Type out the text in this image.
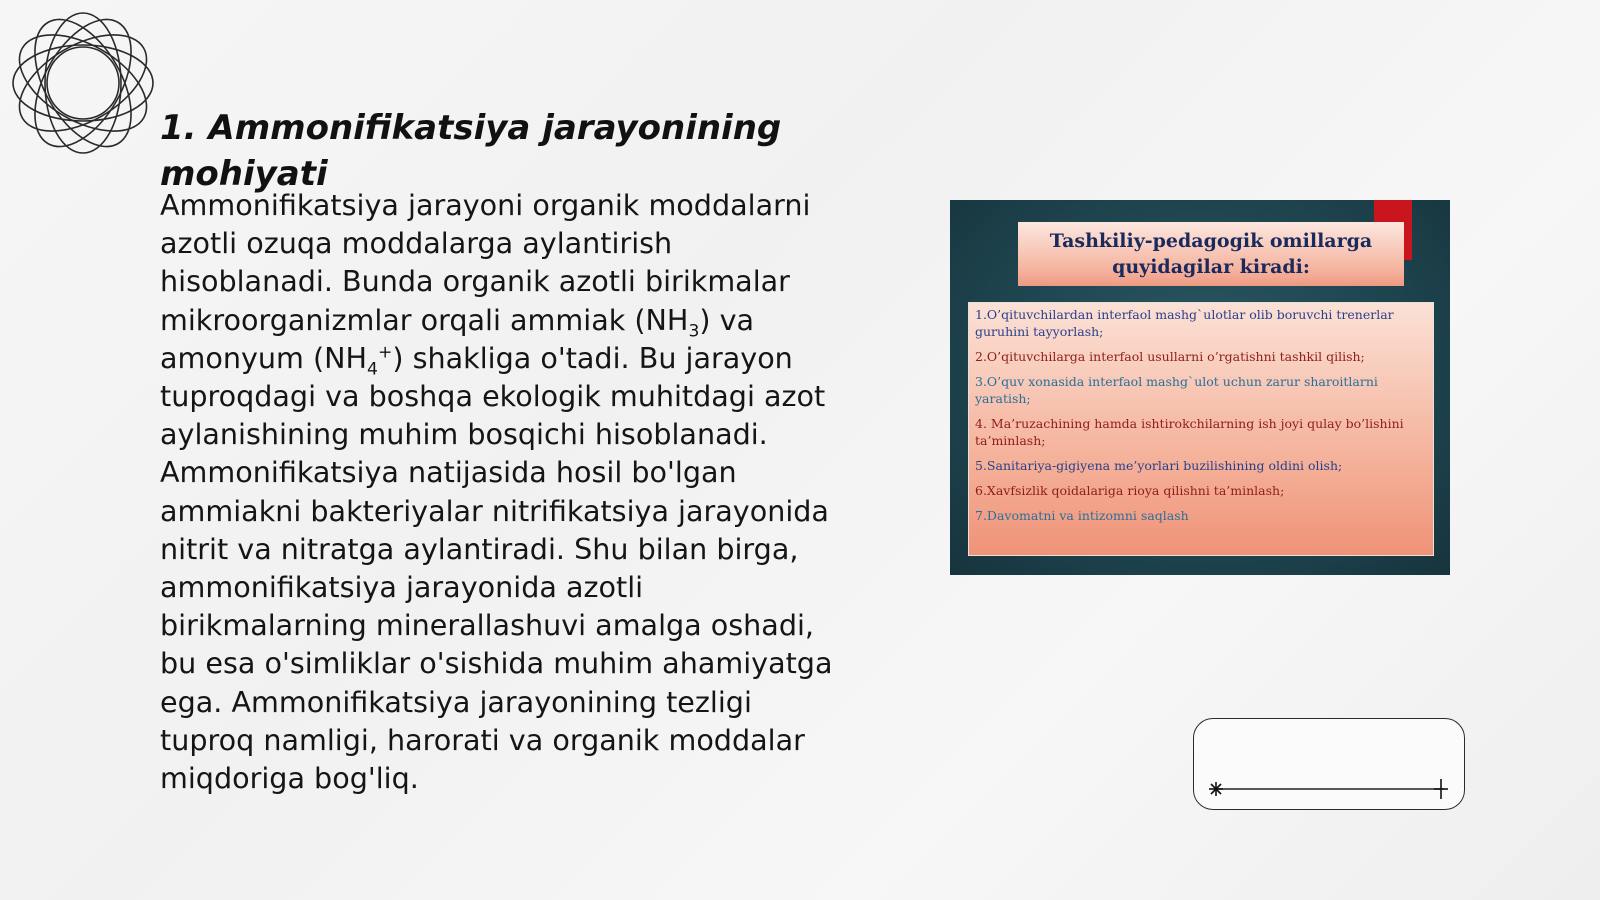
1. Ammonifikatsiya jarayonining mohiyati

Ammonifikatsiya jarayoni organik moddalarni azotli ozuqa moddalarga aylantirish hisoblanadi. Bunda organik azotli birikmalar mikroorganizmlar orqali ammiak $(NH_3)$ va amonyum $(NH_4^+)$ shakliga o'tadi. Bu jarayon tuproqdagi va boshqa ekologik muhitdagi azot aylanishining muhim bosqichi hisoblanadi. Ammonifikatsiya natijasida hosil bo'lgan ammiakni bakteriyalar nitrifikatsiya jarayonida nitrit va nitratga aylantiradi. Shu bilan birga, ammonifikatsiya jarayonida azotli birikmalarning minerallashuvi amalga oshadi, bu esa o'simliklar o'sishida muhim ahamiyatga ega. Ammonifikatsiya jarayonining tezligi tuproq namligi, harorati va organik moddalar miqdoriga bog'liq.

Tashkiliy-pedagogik omillarga quyidagilar kiradi:
1.O’qituvchilardan interfaol mashg`ulotlar olib boruvchi trenerlar guruhini tayyorlash;
2.O’qituvchilarga interfaol usullarni o’rgatishni tashkil qilish;
3.O’quv xonasida interfaol mashg`ulot uchun zarur sharoitlarni yaratish;
4. Ma’ruzachining hamda ishtirokchilarning ish joyi qulay bo’lishini ta’minlash;
5.Sanitariya-gigiyena me’yorlari buzilishining oldini olish;
6.Xavfsizlik qoidalariga rioya qilishni ta’minlash;
7.Davomatni va intizomni saqlash
